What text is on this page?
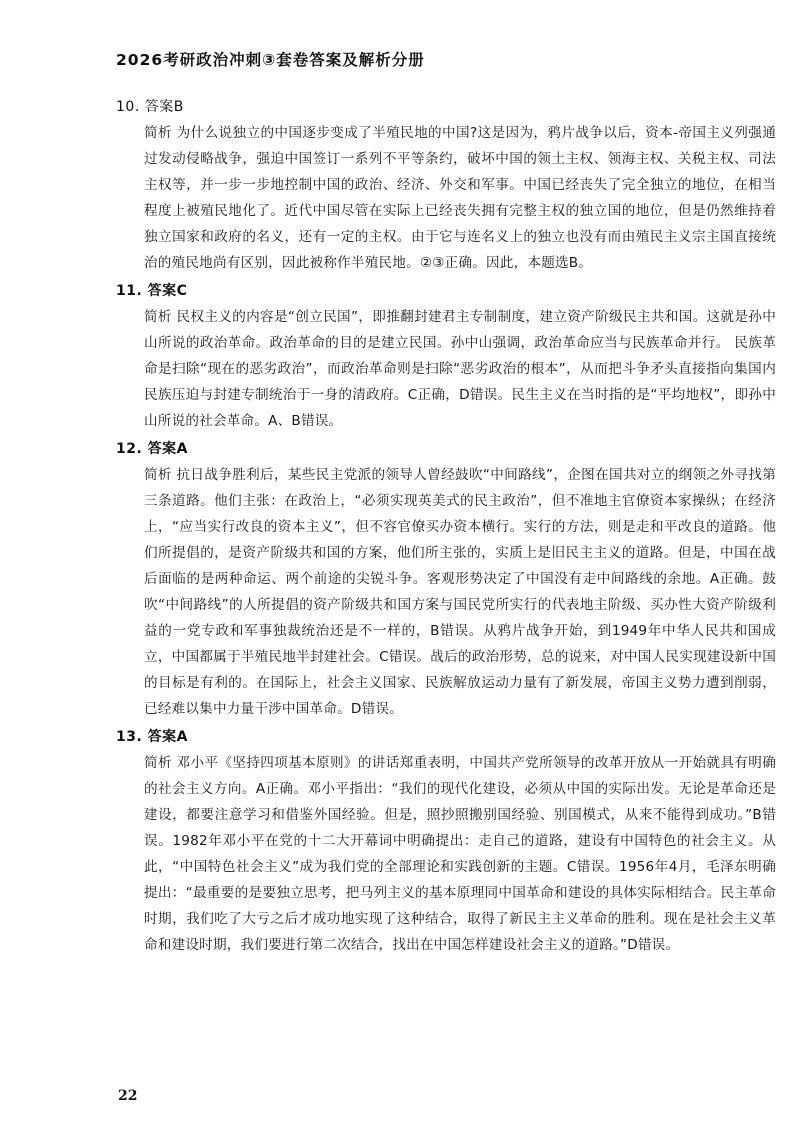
2026考研政治冲刺③套卷答案及解析分册

10. 答案B

简析 为什么说独立的中国逐步变成了半殖民地的中国?这是因为，鸦片战争以后，资本-帝国主义列强通过发动侵略战争，强迫中国签订一系列不平等条约，破坏中国的领土主权、领海主权、关税主权、司法主权等，并一步一步地控制中国的政治、经济、外交和军事。中国已经丧失了完全独立的地位，在相当程度上被殖民地化了。近代中国尽管在实际上已经丧失拥有完整主权的独立国的地位，但是仍然维持着独立国家和政府的名义，还有一定的主权。由于它与连名义上的独立也没有而由殖民主义宗主国直接统治的殖民地尚有区别，因此被称作半殖民地。②③正确。因此，本题选B。

11. 答案C

简析 民权主义的内容是“创立民国”，即推翻封建君主专制制度，建立资产阶级民主共和国。这就是孙中山所说的政治革命。政治革命的目的是建立民国。孙中山强调，政治革命应当与民族革命并行。 民族革命是扫除“现在的恶劣政治”，而政治革命则是扫除“恶劣政治的根本”，从而把斗争矛头直接指向集国内民族压迫与封建专制统治于一身的清政府。C正确，D错误。民生主义在当时指的是“平均地权”，即孙中山所说的社会革命。A、B错误。

12. 答案A

简析 抗日战争胜利后，某些民主党派的领导人曾经鼓吹“中间路线”，企图在国共对立的纲领之外寻找第三条道路。他们主张：在政治上，“必须实现英美式的民主政治”，但不准地主官僚资本家操纵；在经济上，“应当实行改良的资本主义”，但不容官僚买办资本横行。实行的方法，则是走和平改良的道路。他们所提倡的，是资产阶级共和国的方案，他们所主张的，实质上是旧民主主义的道路。但是，中国在战后面临的是两种命运、两个前途的尖锐斗争。客观形势决定了中国没有走中间路线的余地。A正确。鼓吹“中间路线”的人所提倡的资产阶级共和国方案与国民党所实行的代表地主阶级、买办性大资产阶级利益的一党专政和军事独裁统治还是不一样的，B错误。从鸦片战争开始，到1949年中华人民共和国成立，中国都属于半殖民地半封建社会。C错误。战后的政治形势，总的说来，对中国人民实现建设新中国的目标是有利的。在国际上，社会主义国家、民族解放运动力量有了新发展，帝国主义势力遭到削弱，已经难以集中力量干涉中国革命。D错误。

13. 答案A

简析 邓小平《坚持四项基本原则》的讲话郑重表明，中国共产党所领导的改革开放从一开始就具有明确的社会主义方向。A正确。邓小平指出：“我们的现代化建设，必须从中国的实际出发。无论是革命还是建设，都要注意学习和借鉴外国经验。但是，照抄照搬别国经验、别国模式，从来不能得到成功。”B错误。1982年邓小平在党的十二大开幕词中明确提出：走自己的道路，建设有中国特色的社会主义。从此，“中国特色社会主义”成为我们党的全部理论和实践创新的主题。C错误。1956年4月，毛泽东明确提出：“最重要的是要独立思考，把马列主义的基本原理同中国革命和建设的具体实际相结合。民主革命时期，我们吃了大亏之后才成功地实现了这种结合，取得了新民主主义革命的胜利。现在是社会主义革命和建设时期，我们要进行第二次结合，找出在中国怎样建设社会主义的道路。”D错误。

22
